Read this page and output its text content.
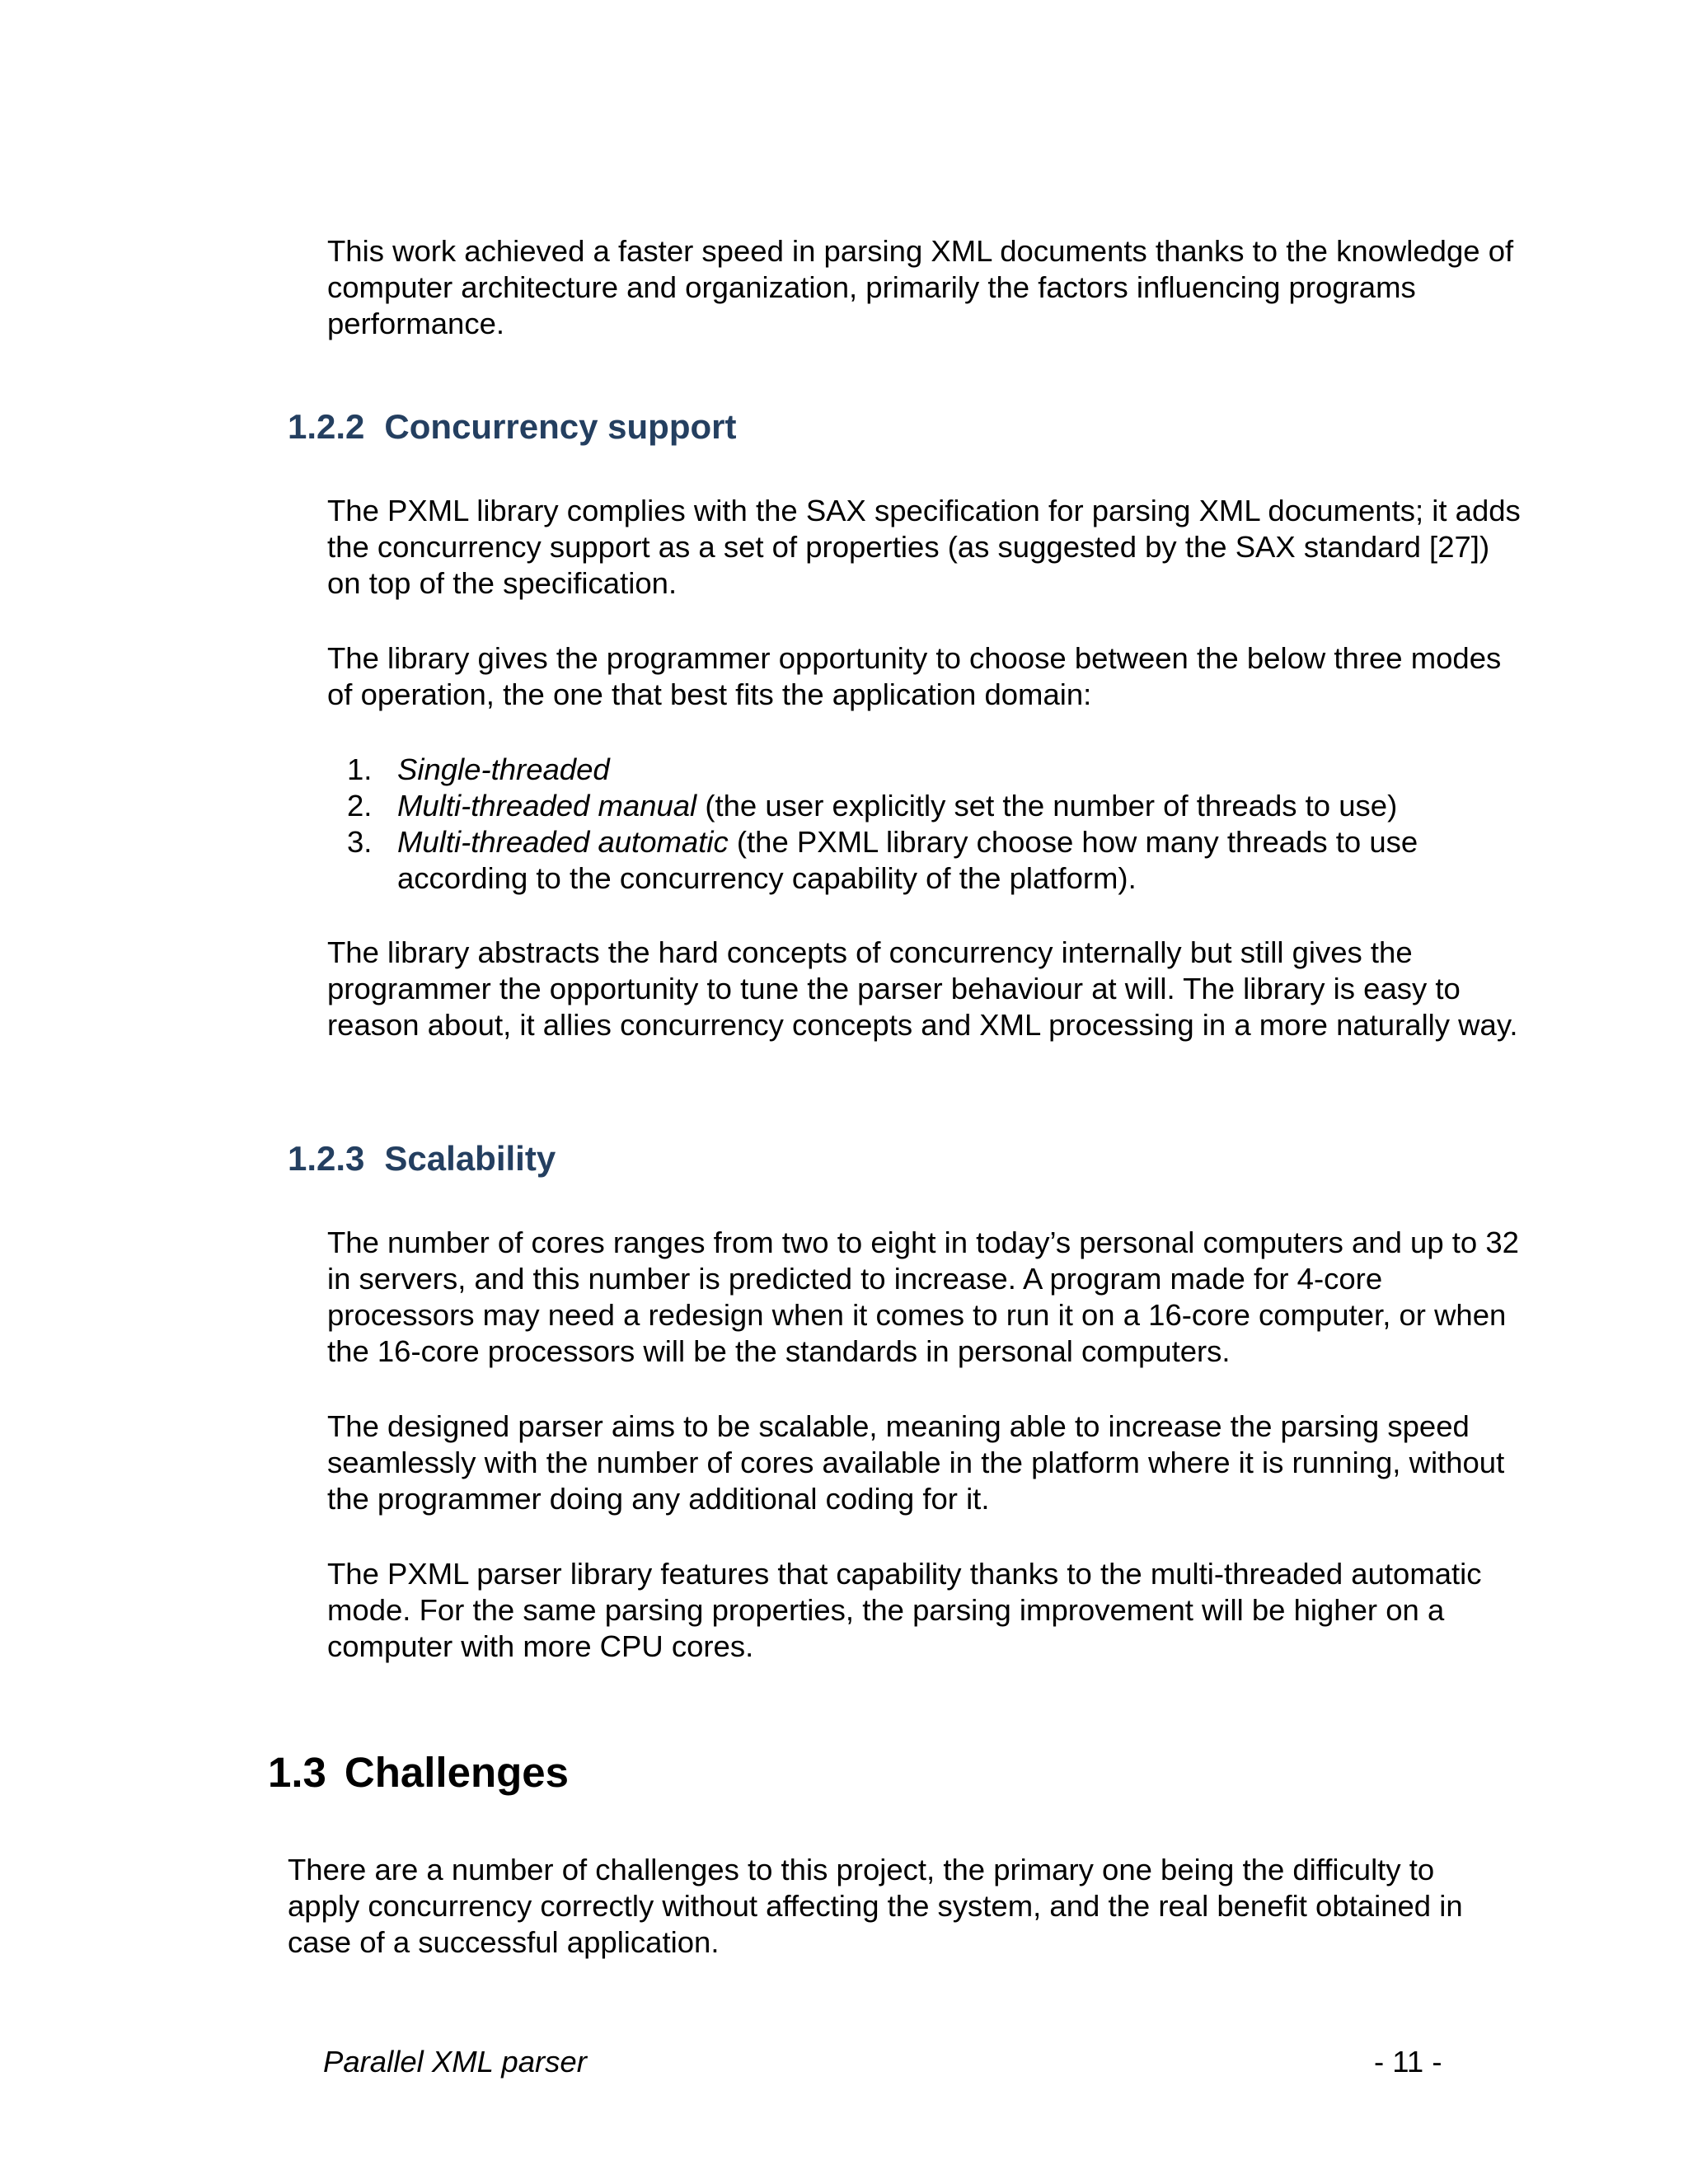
This work achieved a faster speed in parsing XML documents thanks to the knowledge of computer architecture and organization, primarily the factors influencing programs performance.

1.2.2 Concurrency support

The PXML library complies with the SAX specification for parsing XML documents; it adds the concurrency support as a set of properties (as suggested by the SAX standard [27]) on top of the specification.

The library gives the programmer opportunity to choose between the below three modes of operation, the one that best fits the application domain:

1. Single-threaded
2. Multi-threaded manual (the user explicitly set the number of threads to use)
3. Multi-threaded automatic (the PXML library choose how many threads to use according to the concurrency capability of the platform).

The library abstracts the hard concepts of concurrency internally but still gives the programmer the opportunity to tune the parser behaviour at will. The library is easy to reason about, it allies concurrency concepts and XML processing in a more naturally way.

1.2.3 Scalability

The number of cores ranges from two to eight in today’s personal computers and up to 32 in servers, and this number is predicted to increase. A program made for 4-core processors may need a redesign when it comes to run it on a 16-core computer, or when the 16-core processors will be the standards in personal computers.

The designed parser aims to be scalable, meaning able to increase the parsing speed seamlessly with the number of cores available in the platform where it is running, without the programmer doing any additional coding for it.

The PXML parser library features that capability thanks to the multi-threaded automatic mode. For the same parsing properties, the parsing improvement will be higher on a computer with more CPU cores.

1.3 Challenges

There are a number of challenges to this project, the primary one being the difficulty to apply concurrency correctly without affecting the system, and the real benefit obtained in case of a successful application.

Parallel XML parser	- 11 -
